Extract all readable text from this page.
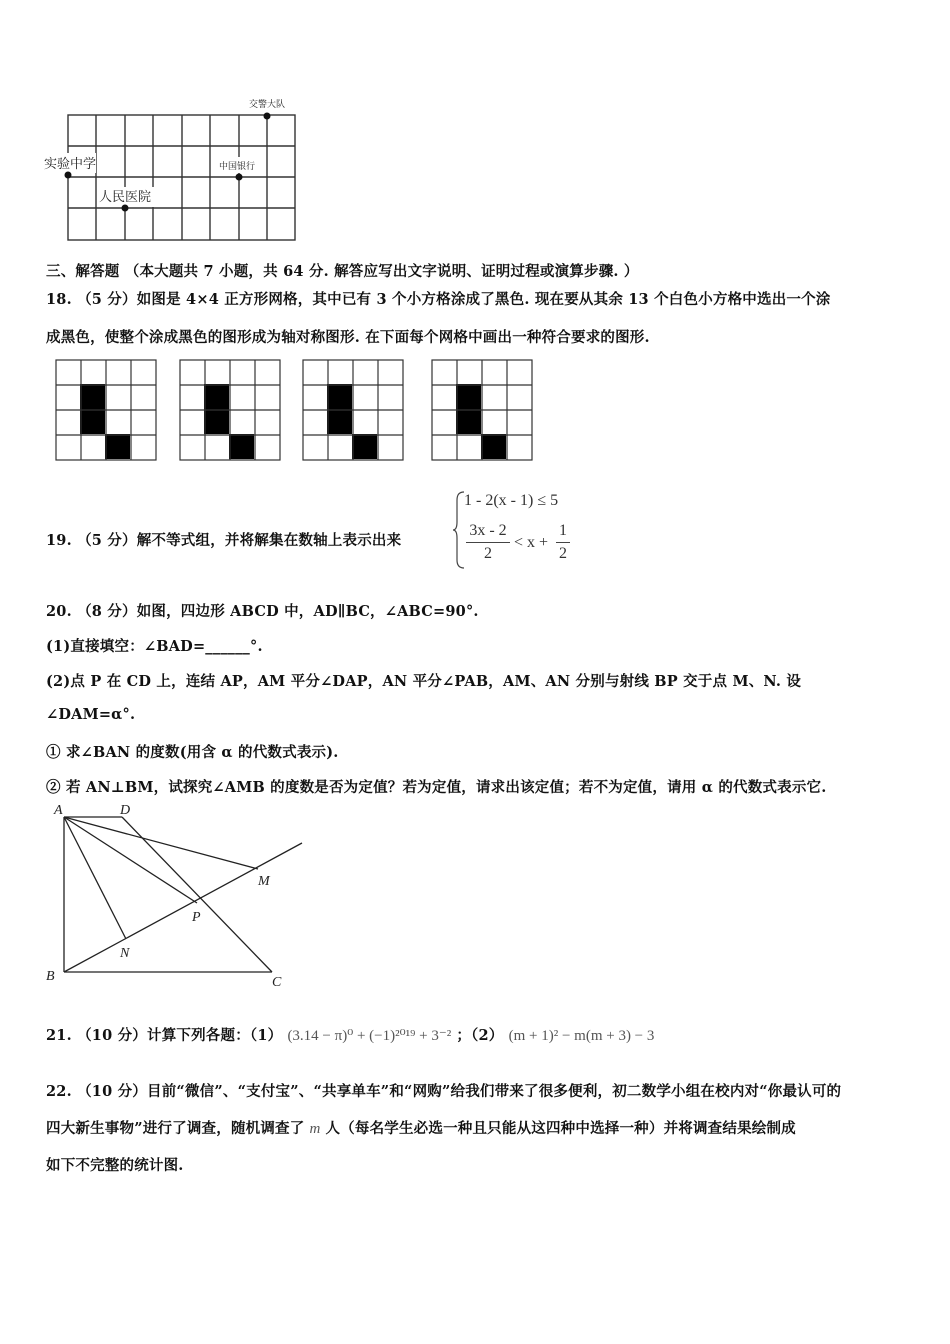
交警大队
实验中学	中国银行
人民医院
三、解答题 （本大题共 7 小题，共 64 分. 解答应写出文字说明、证明过程或演算步骤. ）
18. （5 分）如图是 4×4 正方形网格，其中已有 3 个小方格涂成了黑色. 现在要从其余 13 个白色小方格中选出一个涂
成黑色，使整个涂成黑色的图形成为轴对称图形. 在下面每个网格中画出一种符合要求的图形.
19. （5 分）解不等式组，并将解集在数轴上表示出来
1 - 2(x - 1) ≤ 5
3x - 2
2
< x +
1
2
20. （8 分）如图，四边形 ABCD 中，AD∥BC，∠ABC=90°.
(1)直接填空：∠BAD=______°.
(2)点 P 在 CD 上，连结 AP，AM 平分∠DAP，AN 平分∠PAB，AM、AN 分别与射线 BP 交于点 M、N. 设
∠DAM=α°.
① 求∠BAN 的度数(用含 α 的代数式表示).
② 若 AN⊥BM，试探究∠AMB 的度数是否为定值？若为定值，请求出该定值；若不为定值，请用 α 的代数式表示它.
A	D
B	C
M
P
N
21. （10 分）计算下列各题：（1） (3.14 − π)⁰ + (−1)²⁰¹⁹ + 3⁻² ；（2） (m + 1)² − m(m + 3) − 3
22. （10 分）目前“微信”、“支付宝”、“共享单车”和“网购”给我们带来了很多便利，初二数学小组在校内对“你最认可的
四大新生事物”进行了调查，随机调查了 m 人（每名学生必选一种且只能从这四种中选择一种）并将调查结果绘制成
如下不完整的统计图.
